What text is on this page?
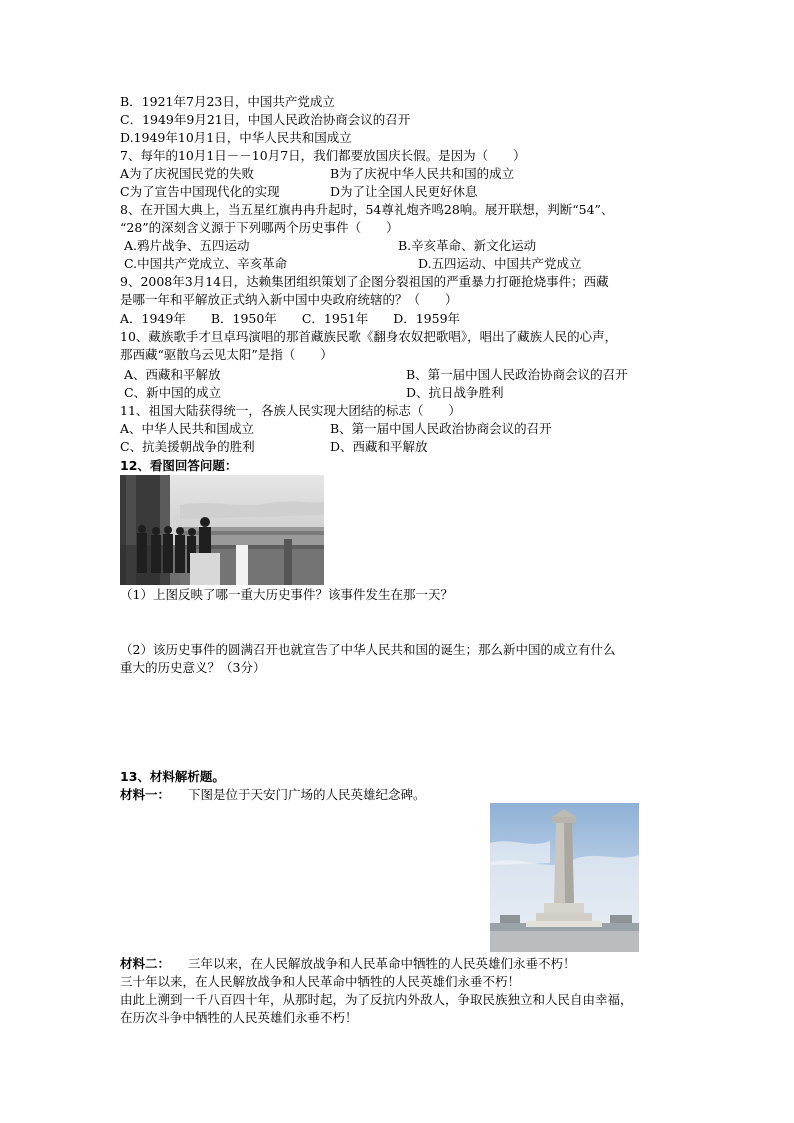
B．1921年7月23日，中国共产党成立
C．1949年9月21日，中国人民政治协商会议的召开
D.1949年10月1日，中华人民共和国成立
7、每年的10月1日－－10月7日，我们都要放国庆长假。是因为（　　）
A为了庆祝国民党的失败	B为了庆祝中华人民共和国的成立
C为了宣告中国现代化的实现	D为了让全国人民更好休息
8、在开国大典上，当五星红旗冉冉升起时，54尊礼炮齐鸣28响。展开联想，判断“54”、
“28”的深刻含义源于下列哪两个历史事件（　　）
A.鸦片战争、五四运动	B.辛亥革命、新文化运动
C.中国共产党成立、辛亥革命	D.五四运动、中国共产党成立
9、2008年3月14日，达赖集团组织策划了企图分裂祖国的严重暴力打砸抢烧事件；西藏
是哪一年和平解放正式纳入新中国中央政府统辖的？（　　）
A．1949年　　B．1950年　　C．1951年　　D．1959年
10、藏族歌手才旦卓玛演唱的那首藏族民歌《翻身农奴把歌唱》，唱出了藏族人民的心声，
那西藏“驱散乌云见太阳”是指（　　）
A、西藏和平解放	B、第一届中国人民政治协商会议的召开
C、新中国的成立	D、抗日战争胜利
11、祖国大陆获得统一，各族人民实现大团结的标志（　　）
A、中华人民共和国成立	B、第一届中国人民政治协商会议的召开
C、抗美援朝战争的胜利	D、西藏和平解放
12、看图回答问题：
（1）上图反映了哪一重大历史事件？该事件发生在那一天？
（2）该历史事件的圆满召开也就宣告了中华人民共和国的诞生；那么新中国的成立有什么
重大的历史意义？（3分）
13、材料解析题。
材料一： 下图是位于天安门广场的人民英雄纪念碑。
材料二： 三年以来，在人民解放战争和人民革命中牺牲的人民英雄们永垂不朽！
三十年以来，在人民解放战争和人民革命中牺牲的人民英雄们永垂不朽！
由此上溯到一千八百四十年，从那时起，为了反抗内外敌人，争取民族独立和人民自由幸福，
在历次斗争中牺牲的人民英雄们永垂不朽！
